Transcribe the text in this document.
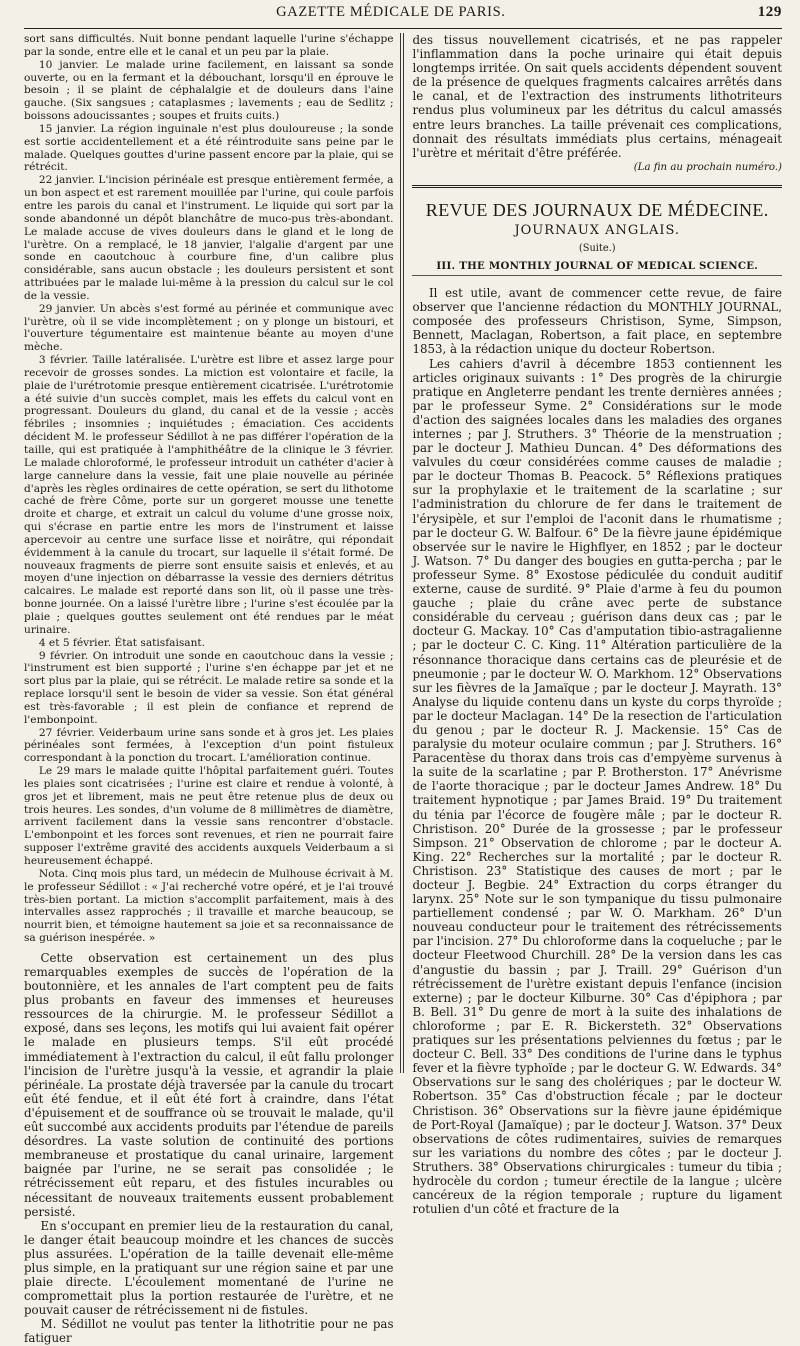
GAZETTE MÉDICALE DE PARIS.	129

sort sans difficultés. Nuit bonne pendant laquelle l'urine s'échappe par la sonde, entre elle et le canal et un peu par la plaie.

10 janvier. Le malade urine facilement, en laissant sa sonde ouverte, ou en la fermant et la débouchant, lorsqu'il en éprouve le besoin ; il se plaint de céphalalgie et de douleurs dans l'aine gauche. (Six sangsues ; cataplasmes ; lavements ; eau de Sedlitz ; boissons adoucissantes ; soupes et fruits cuits.)

15 janvier. La région inguinale n'est plus douloureuse ; la sonde est sortie accidentellement et a été réintroduite sans peine par le malade. Quelques gouttes d'urine passent encore par la plaie, qui se rétrécit.

22 janvier. L'incision périnéale est presque entièrement fermée, a un bon aspect et est rarement mouillée par l'urine, qui coule parfois entre les parois du canal et l'instrument. Le liquide qui sort par la sonde abandonné un dépôt blanchâtre de muco-pus très-abondant. Le malade accuse de vives douleurs dans le gland et le long de l'urètre. On a remplacé, le 18 janvier, l'algalie d'argent par une sonde en caoutchouc à courbure fine, d'un calibre plus considérable, sans aucun obstacle ; les douleurs persistent et sont attribuées par le malade lui-même à la pression du calcul sur le col de la vessie.

29 janvier. Un abcès s'est formé au périnée et communique avec l'urètre, où il se vide incomplètement ; on y plonge un bistouri, et l'ouverture tégumentaire est maintenue béante au moyen d'une mèche.

3 février. Taille latéralisée. L'urètre est libre et assez large pour recevoir de grosses sondes. La miction est volontaire et facile, la plaie de l'urétrotomie presque entièrement cicatrisée. L'urétrotomie a été suivie d'un succès complet, mais les effets du calcul vont en progressant. Douleurs du gland, du canal et de la vessie ; accès fébriles ; insomnies ; inquiétudes ; émaciation. Ces accidents décident M. le professeur Sédillot à ne pas différer l'opération de la taille, qui est pratiquée à l'amphithéâtre de la clinique le 3 février. Le malade chloroformé, le professeur introduit un cathéter d'acier à large cannelure dans la vessie, fait une plaie nouvelle au périnée d'après les règles ordinaires de cette opération, se sert du lithotome caché de frère Côme, porte sur un gorgeret mousse une tenette droite et charge, et extrait un calcul du volume d'une grosse noix, qui s'écrase en partie entre les mors de l'instrument et laisse apercevoir au centre une surface lisse et noirâtre, qui répondait évidemment à la canule du trocart, sur laquelle il s'était formé. De nouveaux fragments de pierre sont ensuite saisis et enlevés, et au moyen d'une injection on débarrasse la vessie des derniers détritus calcaires. Le malade est reporté dans son lit, où il passe une très-bonne journée. On a laissé l'urètre libre ; l'urine s'est écoulée par la plaie ; quelques gouttes seulement ont été rendues par le méat urinaire.

4 et 5 février. État satisfaisant.

9 février. On introduit une sonde en caoutchouc dans la vessie ; l'instrument est bien supporté ; l'urine s'en échappe par jet et ne sort plus par la plaie, qui se rétrécit. Le malade retire sa sonde et la replace lorsqu'il sent le besoin de vider sa vessie. Son état général est très-favorable ; il est plein de confiance et reprend de l'embonpoint.

27 février. Veiderbaum urine sans sonde et à gros jet. Les plaies périnéales sont fermées, à l'exception d'un point fistuleux correspondant à la ponction du trocart. L'amélioration continue.

Le 29 mars le malade quitte l'hôpital parfaitement guéri. Toutes les plaies sont cicatrisées ; l'urine est claire et rendue à volonté, à gros jet et librement, mais ne peut être retenue plus de deux ou trois heures. Les sondes, d'un volume de 8 millimètres de diamètre, arrivent facilement dans la vessie sans rencontrer d'obstacle. L'embonpoint et les forces sont revenues, et rien ne pourrait faire supposer l'extrême gravité des accidents auxquels Veiderbaum a si heureusement échappé.

Nota. Cinq mois plus tard, un médecin de Mulhouse écrivait à M. le professeur Sédillot : « J'ai recherché votre opéré, et je l'ai trouvé très-bien portant. La miction s'accomplit parfaitement, mais à des intervalles assez rapprochés ; il travaille et marche beaucoup, se nourrit bien, et témoigne hautement sa joie et sa reconnaissance de sa guérison inespérée. »

Cette observation est certainement un des plus remarquables exemples de succès de l'opération de la boutonnière, et les annales de l'art comptent peu de faits plus probants en faveur des immenses et heureuses ressources de la chirurgie. M. le professeur Sédillot a exposé, dans ses leçons, les motifs qui lui avaient fait opérer le malade en plusieurs temps. S'il eût procédé immédiatement à l'extraction du calcul, il eût fallu prolonger l'incision de l'urètre jusqu'à la vessie, et agrandir la plaie périnéale. La prostate déjà traversée par la canule du trocart eût été fendue, et il eût été fort à craindre, dans l'état d'épuisement et de souffrance où se trouvait le malade, qu'il eût succombé aux accidents produits par l'étendue de pareils désordres. La vaste solution de continuité des portions membraneuse et prostatique du canal urinaire, largement baignée par l'urine, ne se serait pas consolidée ; le rétrécissement eût reparu, et des fistules incurables ou nécessitant de nouveaux traitements eussent probablement persisté.

En s'occupant en premier lieu de la restauration du canal, le danger était beaucoup moindre et les chances de succès plus assurées. L'opération de la taille devenait elle-même plus simple, en la pratiquant sur une région saine et par une plaie directe. L'écoulement momentané de l'urine ne compromettait plus la portion restaurée de l'urètre, et ne pouvait causer de rétrécissement ni de fistules.

M. Sédillot ne voulut pas tenter la lithotritie pour ne pas fatiguer

des tissus nouvellement cicatrisés, et ne pas rappeler l'inflammation dans la poche urinaire qui était depuis longtemps irritée. On sait quels accidents dépendent souvent de la présence de quelques fragments calcaires arrêtés dans le canal, et de l'extraction des instruments lithotriteurs rendus plus volumineux par les détritus du calcul amassés entre leurs branches. La taille prévenait ces complications, donnait des résultats immédiats plus certains, ménageait l'urètre et méritait d'être préférée.

(La fin au prochain numéro.)
REVUE DES JOURNAUX DE MÉDECINE.
JOURNAUX ANGLAIS.
(Suite.)
III. THE MONTHLY JOURNAL OF MEDICAL SCIENCE.

Il est utile, avant de commencer cette revue, de faire observer que l'ancienne rédaction du MONTHLY JOURNAL, composée des professeurs Christison, Syme, Simpson, Bennett, Maclagan, Robertson, a fait place, en septembre 1853, à la rédaction unique du docteur Robertson.

Les cahiers d'avril à décembre 1853 contiennent les articles originaux suivants : 1° Des progrès de la chirurgie pratique en Angleterre pendant les trente dernières années ; par le professeur Syme. 2° Considérations sur le mode d'action des saignées locales dans les maladies des organes internes ; par J. Struthers. 3° Théorie de la menstruation ; par le docteur J. Mathieu Duncan. 4° Des déformations des valvules du cœur considérées comme causes de maladie ; par le docteur Thomas B. Peacock. 5° Réflexions pratiques sur la prophylaxie et le traitement de la scarlatine ; sur l'administration du chlorure de fer dans le traitement de l'érysipèle, et sur l'emploi de l'aconit dans le rhumatisme ; par le docteur G. W. Balfour. 6° De la fièvre jaune épidémique observée sur le navire le Highflyer, en 1852 ; par le docteur J. Watson. 7° Du danger des bougies en gutta-percha ; par le professeur Syme. 8° Exostose pédiculée du conduit auditif externe, cause de surdité. 9° Plaie d'arme à feu du poumon gauche ; plaie du crâne avec perte de substance considérable du cerveau ; guérison dans deux cas ; par le docteur G. Mackay. 10° Cas d'amputation tibio-astragalienne ; par le docteur C. C. King. 11° Altération particulière de la résonnance thoracique dans certains cas de pleurésie et de pneumonie ; par le docteur W. O. Markhom. 12° Observations sur les fièvres de la Jamaïque ; par le docteur J. Mayrath. 13° Analyse du liquide contenu dans un kyste du corps thyroïde ; par le docteur Maclagan. 14° De la resection de l'articulation du genou ; par le docteur R. J. Mackensie. 15° Cas de paralysie du moteur oculaire commun ; par J. Struthers. 16° Paracentèse du thorax dans trois cas d'empyème survenus à la suite de la scarlatine ; par P. Brotherston. 17° Anévrisme de l'aorte thoracique ; par le docteur James Andrew. 18° Du traitement hypnotique ; par James Braid. 19° Du traitement du ténia par l'écorce de fougère mâle ; par le docteur R. Christison. 20° Durée de la grossesse ; par le professeur Simpson. 21° Observation de chlorome ; par le docteur A. King. 22° Recherches sur la mortalité ; par le docteur R. Christison. 23° Statistique des causes de mort ; par le docteur J. Begbie. 24° Extraction du corps étranger du larynx. 25° Note sur le son tympanique du tissu pulmonaire partiellement condensé ; par W. O. Markham. 26° D'un nouveau conducteur pour le traitement des rétrécissements par l'incision. 27° Du chloroforme dans la coqueluche ; par le docteur Fleetwood Churchill. 28° De la version dans les cas d'angustie du bassin ; par J. Traill. 29° Guérison d'un rétrécissement de l'urètre existant depuis l'enfance (incision externe) ; par le docteur Kilburne. 30° Cas d'épiphora ; par B. Bell. 31° Du genre de mort à la suite des inhalations de chloroforme ; par E. R. Bickersteth. 32° Observations pratiques sur les présentations pelviennes du fœtus ; par le docteur C. Bell. 33° Des conditions de l'urine dans le typhus fever et la fièvre typhoïde ; par le docteur G. W. Edwards. 34° Observations sur le sang des cholériques ; par le docteur W. Robertson. 35° Cas d'obstruction fécale ; par le docteur Christison. 36° Observations sur la fièvre jaune épidémique de Port-Royal (Jamaïque) ; par le docteur J. Watson. 37° Deux observations de côtes rudimentaires, suivies de remarques sur les variations du nombre des côtes ; par le docteur J. Struthers. 38° Observations chirurgicales : tumeur du tibia ; hydrocèle du cordon ; tumeur érectile de la langue ; ulcère cancéreux de la région temporale ; rupture du ligament rotulien d'un côté et fracture de la
